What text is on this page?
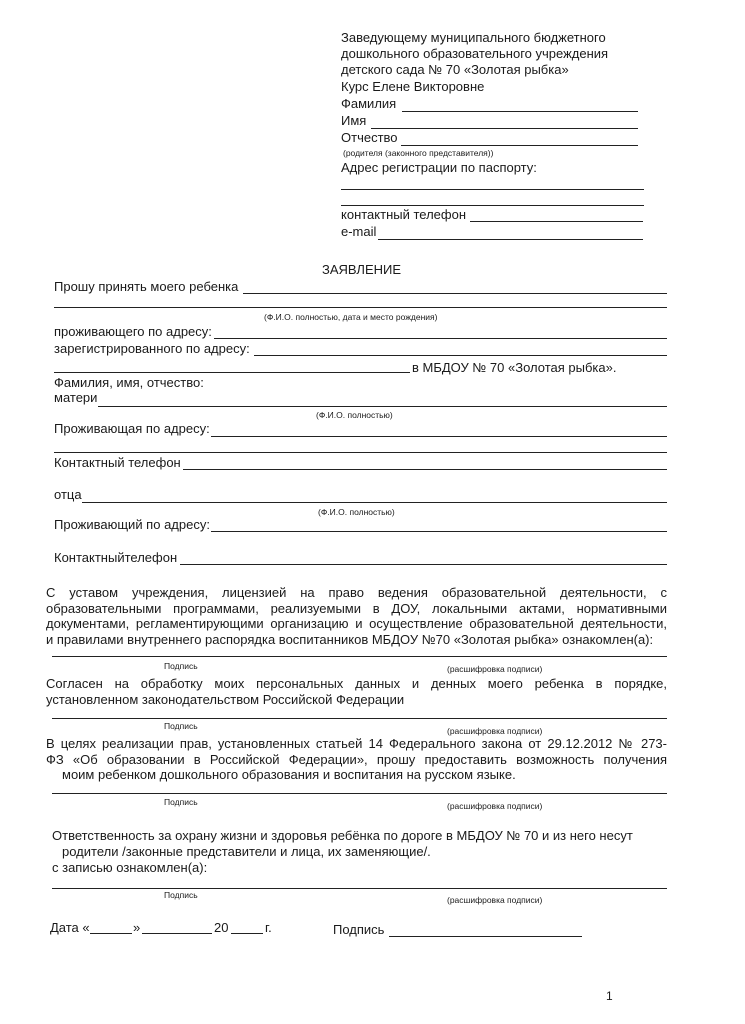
Заведующему муниципального бюджетного
дошкольного образовательного учреждения
детского сада № 70 «Золотая рыбка»
Курс Елене Викторовне
Фамилия
Имя
Отчество
(родителя (законного представителя))
Адрес регистрации по паспорту:
контактный телефон
e-mail
ЗАЯВЛЕНИЕ
Прошу принять моего ребенка
(Ф.И.О. полностью, дата и место рождения)
проживающего по адресу:
зарегистрированного по адресу:
в МБДОУ № 70 «Золотая рыбка».
Фамилия, имя, отчество:
матери
(Ф.И.О. полностью)
Проживающая по адресу:
Контактный телефон
отца
(Ф.И.О. полностью)
Проживающий по адресу:
Контактныйтелефон
С уставом учреждения, лицензией на право ведения образовательной деятельности, с
образовательными программами, реализуемыми в ДОУ, локальными актами, нормативными
документами, регламентирующими организацию и осуществление образовательной деятельности,
и правилами внутреннего распорядка воспитанников МБДОУ №70 «Золотая рыбка» ознакомлен(а):
Подпись	(расшифровка подписи)
Согласен на обработку моих персональных данных и денных моего ребенка в порядке,
установленном законодательством Российской Федерации
Подпись	(расшифровка подписи)
В целях реализации прав, установленных статьей 14 Федерального закона от 29.12.2012 № 273-
ФЗ «Об образовании в Российской Федерации», прошу предоставить возможность получения
моим ребенком дошкольного образования и воспитания на русском языке.
Подпись	(расшифровка подписи)
Ответственность за охрану жизни и здоровья ребёнка по дороге в МБДОУ № 70 и из него несут
родители /законные представители и лица, их заменяющие/.
с записью ознакомлен(а):
Подпись	(расшифровка подписи)
Дата «	»	20	г.	Подпись
1
